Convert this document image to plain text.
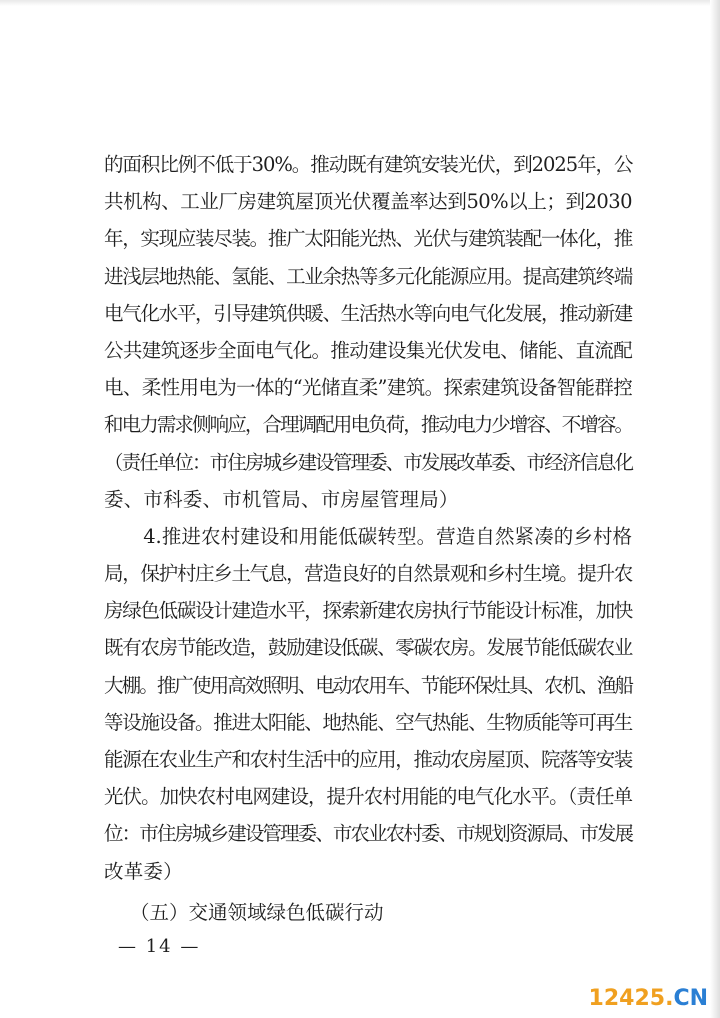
的面积比例不低于30%。推动既有建筑安装光伏，到2025年，公
共机构、工业厂房建筑屋顶光伏覆盖率达到50%以上；到2030
年，实现应装尽装。推广太阳能光热、光伏与建筑装配一体化，推
进浅层地热能、氢能、工业余热等多元化能源应用。提高建筑终端
电气化水平，引导建筑供暖、生活热水等向电气化发展，推动新建
公共建筑逐步全面电气化。推动建设集光伏发电、储能、直流配
电、柔性用电为一体的“光储直柔”建筑。探索建筑设备智能群控
和电力需求侧响应，合理调配用电负荷，推动电力少增容、不增容。
（责任单位：市住房城乡建设管理委、市发展改革委、市经济信息化
委、市科委、市机管局、市房屋管理局）
　　4.推进农村建设和用能低碳转型。营造自然紧凑的乡村格
局，保护村庄乡土气息，营造良好的自然景观和乡村生境。提升农
房绿色低碳设计建造水平，探索新建农房执行节能设计标准，加快
既有农房节能改造，鼓励建设低碳、零碳农房。发展节能低碳农业
大棚。推广使用高效照明、电动农用车、节能环保灶具、农机、渔船
等设施设备。推进太阳能、地热能、空气热能、生物质能等可再生
能源在农业生产和农村生活中的应用，推动农房屋顶、院落等安装
光伏。加快农村电网建设，提升农村用能的电气化水平。（责任单
位：市住房城乡建设管理委、市农业农村委、市规划资源局、市发展
改革委）
（五）交通领域绿色低碳行动
— 14 —
12425.CN
